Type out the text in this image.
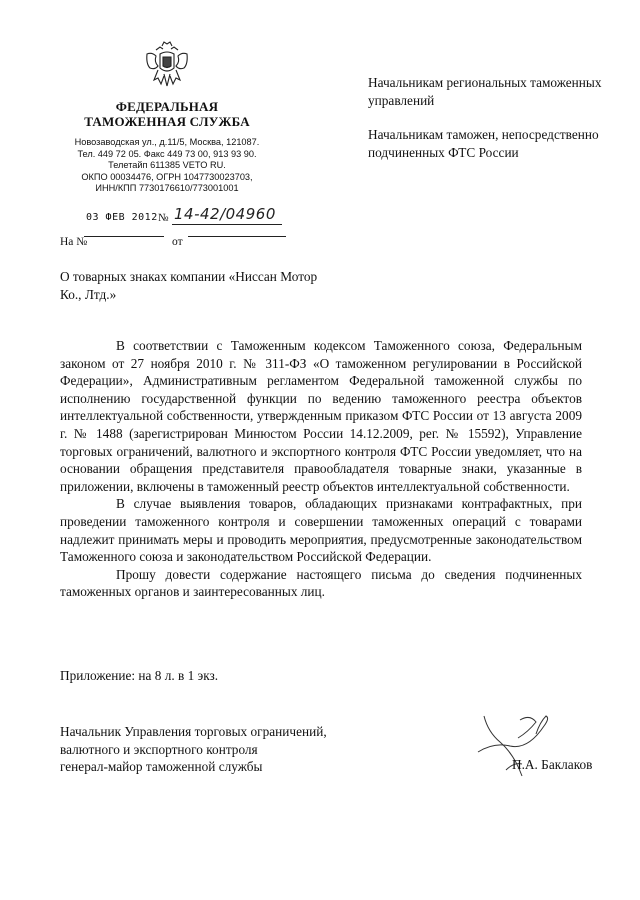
ФЕДЕРАЛЬНАЯ
ТАМОЖЕННАЯ СЛУЖБА
Новозаводская ул., д.11/5, Москва, 121087.
Тел. 449 72 05. Факс 449 73 00, 913 93 90.
Телетайп 611385 VETO RU.
ОКПО 00034476, ОГРН 1047730023703,
ИНН/КПП 7730176610/773001001
03 ФЕВ 2012 № 14-42/04960
На №	от

Начальникам региональных таможенных управлений

Начальникам таможен, непосредственно подчиненных ФТС России

О товарных знаках компании «Ниссан Мотор Ко., Лтд.»

В соответствии с Таможенным кодексом Таможенного союза, Федеральным законом от 27 ноября 2010 г. № 311-ФЗ «О таможенном регулировании в Российской Федерации», Административным регламентом Федеральной таможенной службы по исполнению государственной функции по ведению таможенного реестра объектов интеллектуальной собственности, утвержденным приказом ФТС России от 13 августа 2009 г. № 1488 (зарегистрирован Минюстом России 14.12.2009, рег. № 15592), Управление торговых ограничений, валютного и экспортного контроля ФТС России уведомляет, что на основании обращения представителя правообладателя товарные знаки, указанные в приложении, включены в таможенный реестр объектов интеллектуальной собственности.

В случае выявления товаров, обладающих признаками контрафактных, при проведении таможенного контроля и совершении таможенных операций с товарами надлежит принимать меры и проводить мероприятия, предусмотренные законодательством Таможенного союза и законодательством Российской Федерации.

Прошу довести содержание настоящего письма до сведения подчиненных таможенных органов и заинтересованных лиц.

Приложение: на 8 л. в 1 экз.
Начальник Управления торговых ограничений,
валютного и экспортного контроля
генерал-майор таможенной службы	П.А. Баклаков
